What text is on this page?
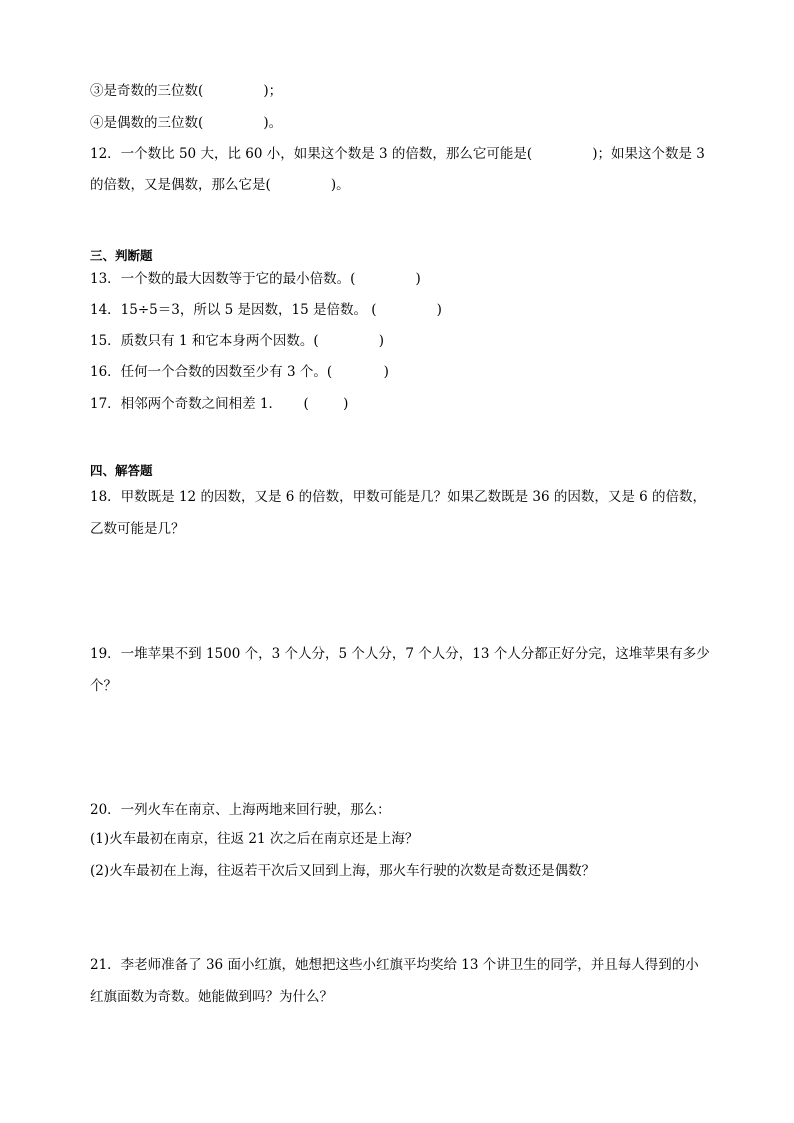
③是奇数的三位数(              )；
④是偶数的三位数(              )。
12．一个数比 50 大，比 60 小，如果这个数是 3 的倍数，那么它可能是(              )；如果这个数是 3
的倍数，又是偶数，那么它是(              )。
三、判断题
13．一个数的最大因数等于它的最小倍数。(              )
14．15÷5＝3，所以 5 是因数，15 是倍数。 (              )
15．质数只有 1 和它本身两个因数。(              )
16．任何一个合数的因数至少有 3 个。(            )
17．相邻两个奇数之间相差 1．     (        )
四、解答题
18．甲数既是 12 的因数，又是 6 的倍数，甲数可能是几？如果乙数既是 36 的因数，又是 6 的倍数，
乙数可能是几？
19．一堆苹果不到 1500 个，3 个人分，5 个人分，7 个人分，13 个人分都正好分完，这堆苹果有多少
个？
20．一列火车在南京、上海两地来回行驶，那么：
(1)火车最初在南京，往返 21 次之后在南京还是上海？
(2)火车最初在上海，往返若干次后又回到上海，那火车行驶的次数是奇数还是偶数？
21．李老师准备了 36 面小红旗，她想把这些小红旗平均奖给 13 个讲卫生的同学，并且每人得到的小
红旗面数为奇数。她能做到吗？为什么？
